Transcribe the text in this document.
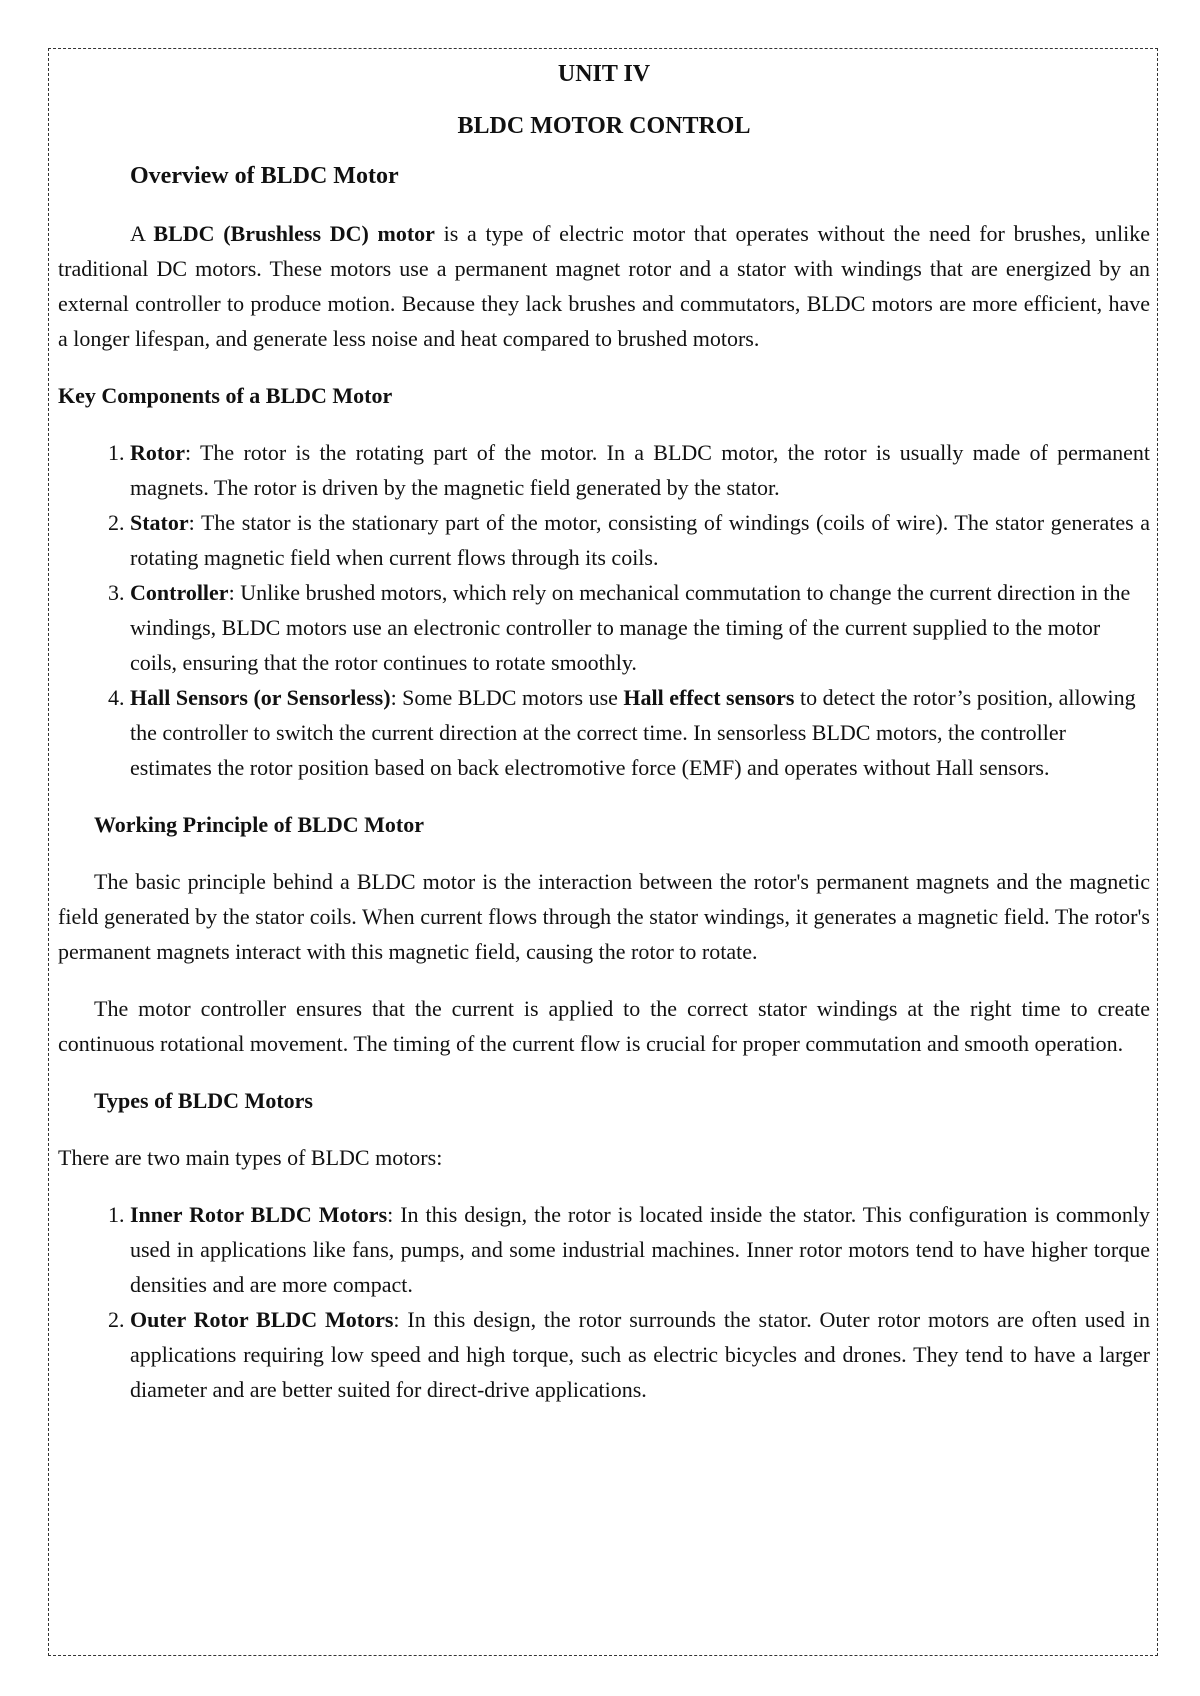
UNIT IV
BLDC MOTOR CONTROL
Overview of BLDC Motor

A BLDC (Brushless DC) motor is a type of electric motor that operates without the need for brushes, unlike traditional DC motors. These motors use a permanent magnet rotor and a stator with windings that are energized by an external controller to produce motion. Because they lack brushes and commutators, BLDC motors are more efficient, have a longer lifespan, and generate less noise and heat compared to brushed motors.

Key Components of a BLDC Motor
1. Rotor: The rotor is the rotating part of the motor. In a BLDC motor, the rotor is usually made of permanent magnets. The rotor is driven by the magnetic field generated by the stator.
2. Stator: The stator is the stationary part of the motor, consisting of windings (coils of wire). The stator generates a rotating magnetic field when current flows through its coils.
3. Controller: Unlike brushed motors, which rely on mechanical commutation to change the current direction in the windings, BLDC motors use an electronic controller to manage the timing of the current supplied to the motor coils, ensuring that the rotor continues to rotate smoothly.
4. Hall Sensors (or Sensorless): Some BLDC motors use Hall effect sensors to detect the rotor’s position, allowing the controller to switch the current direction at the correct time. In sensorless BLDC motors, the controller estimates the rotor position based on back electromotive force (EMF) and operates without Hall sensors.
Working Principle of BLDC Motor

The basic principle behind a BLDC motor is the interaction between the rotor's permanent magnets and the magnetic field generated by the stator coils. When current flows through the stator windings, it generates a magnetic field. The rotor's permanent magnets interact with this magnetic field, causing the rotor to rotate.

The motor controller ensures that the current is applied to the correct stator windings at the right time to create continuous rotational movement. The timing of the current flow is crucial for proper commutation and smooth operation.

Types of BLDC Motors

There are two main types of BLDC motors:

1. Inner Rotor BLDC Motors: In this design, the rotor is located inside the stator. This configuration is commonly used in applications like fans, pumps, and some industrial machines. Inner rotor motors tend to have higher torque densities and are more compact.
2. Outer Rotor BLDC Motors: In this design, the rotor surrounds the stator. Outer rotor motors are often used in applications requiring low speed and high torque, such as electric bicycles and drones. They tend to have a larger diameter and are better suited for direct-drive applications.
